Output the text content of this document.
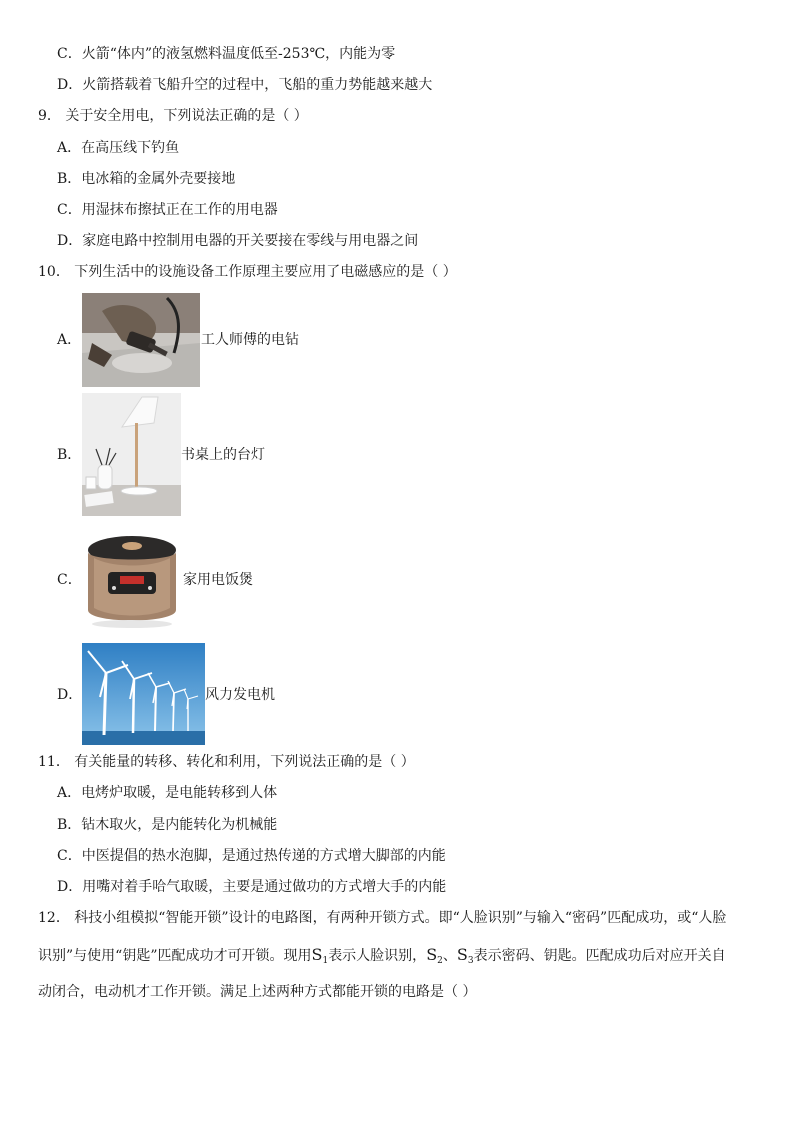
C．火箭“体内”的液氢燃料温度低至-253℃，内能为零
D．火箭搭载着飞船升空的过程中，飞船的重力势能越来越大
9． 关于安全用电，下列说法正确的是（ ）
A．在高压线下钓鱼
B．电冰箱的金属外壳要接地
C．用湿抹布擦拭正在工作的用电器
D．家庭电路中控制用电器的开关要接在零线与用电器之间
10． 下列生活中的设施设备工作原理主要应用了电磁感应的是（ ）
A．	工人师傅的电钻
B．	书桌上的台灯
C．	家用电饭煲
D．	风力发电机
11． 有关能量的转移、转化和利用，下列说法正确的是（ ）
A．电烤炉取暖，是电能转移到人体
B．钻木取火，是内能转化为机械能
C．中医提倡的热水泡脚，是通过热传递的方式增大脚部的内能
D．用嘴对着手哈气取暖，主要是通过做功的方式增大手的内能
12． 科技小组模拟“智能开锁”设计的电路图，有两种开锁方式。即“人脸识别”与输入“密码”匹配成功，或“人脸
识别”与使用“钥匙”匹配成功才可开锁。现用$S_1$表示人脸识别，$S_2$、$S_3$表示密码、钥匙。匹配成功后对应开关自
动闭合，电动机才工作开锁。满足上述两种方式都能开锁的电路是（ ）
